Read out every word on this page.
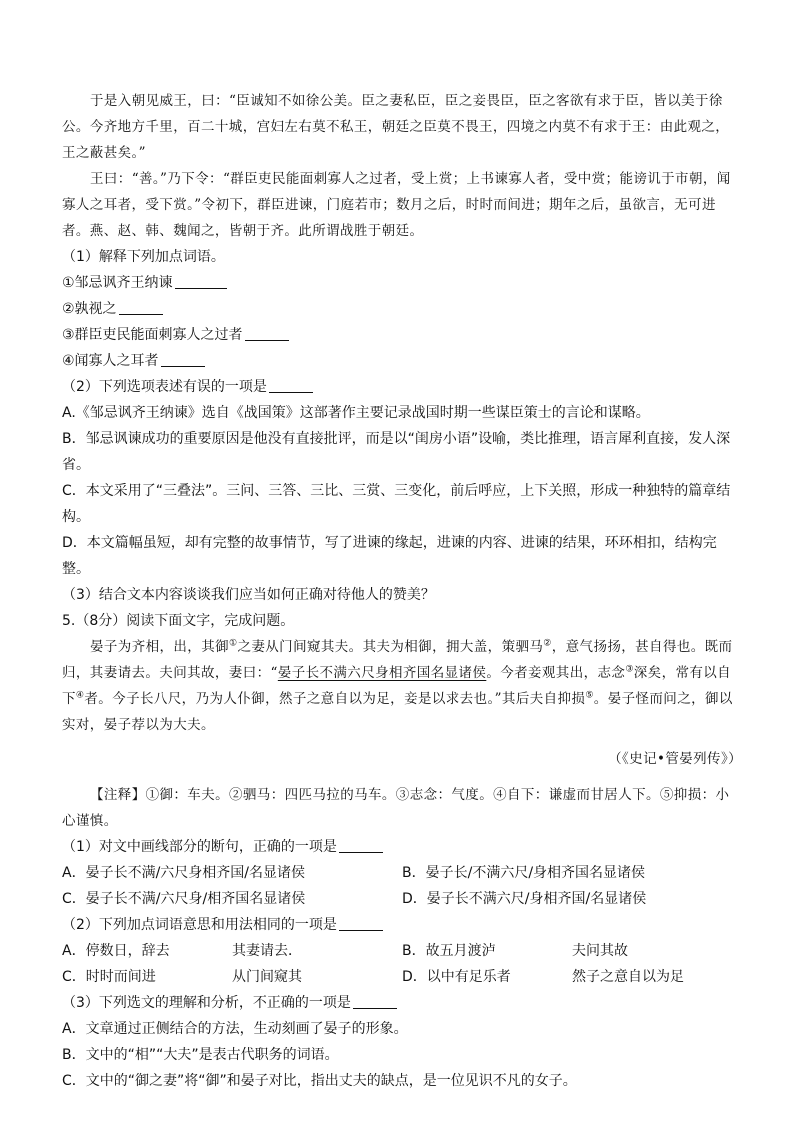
于是入朝见威王，曰：“臣诚知不如徐公美。臣之妻私臣，臣之妾畏臣，臣之客欲有求于臣，皆以美于徐公。今齐地方千里，百二十城，宫妇左右莫不私王，朝廷之臣莫不畏王，四境之内莫不有求于王：由此观之，王之蔽甚矣。”

王曰：“善。”乃下令：“群臣吏民能面刺寡人之过者，受上赏；上书谏寡人者，受中赏；能谤讥于市朝，闻寡人之耳者，受下赏。”令初下，群臣进谏，门庭若市；数月之后，时时而间进；期年之后，虽欲言，无可进者。燕、赵、韩、魏闻之，皆朝于齐。此所谓战胜于朝廷。

（1）解释下列加点词语。

①邹忌讽齐王纳谏

②孰视之

③群臣吏民能面刺寡人之过者

④闻寡人之耳者

（2）下列选项表述有误的一项是

A.《邹忌讽齐王纳谏》选自《战国策》这部著作主要记录战国时期一些谋臣策士的言论和谋略。

B．邹忌讽谏成功的重要原因是他没有直接批评，而是以“闺房小语”设喻，类比推理，语言犀利直接，发人深省。

C．本文采用了“三叠法”。三问、三答、三比、三赏、三变化，前后呼应，上下关照，形成一种独特的篇章结构。

D．本文篇幅虽短，却有完整的故事情节，写了进谏的缘起，进谏的内容、进谏的结果，环环相扣，结构完整。

（3）结合文本内容谈谈我们应当如何正确对待他人的赞美？

5.（8分）阅读下面文字，完成问题。

晏子为齐相，出，其御①之妻从门间窥其夫。其夫为相御，拥大盖，策驷马②，意气扬扬，甚自得也。既而归，其妻请去。夫问其故，妻曰：“晏子长不满六尺身相齐国名显诸侯。今者妾观其出，志念③深矣，常有以自下④者。今子长八尺，乃为人仆御，然子之意自以为足，妾是以求去也。”其后夫自抑损⑤。晏子怪而问之，御以实对，晏子荐以为大夫。

（《史记•管晏列传》）

【注释】①御：车夫。②驷马：四匹马拉的马车。③志念：气度。④自下：谦虚而甘居人下。⑤抑损：小心谨慎。

（1）对文中画线部分的断句，正确的一项是

A．晏子长不满/六尺身相齐国/名显诸侯	B．晏子长/不满六尺/身相齐国名显诸侯
C．晏子长不满/六尺身/相齐国名显诸侯	D．晏子长不满六尺/身相齐国/名显诸侯

（2）下列加点词语意思和用法相同的一项是

A．停数日，辞去	其妻请去．	B．故五月渡泸	夫问其故
C．时时而间进	从门间窥其	D．以中有足乐者	然子之意自以为足

（3）下列选文的理解和分析，不正确的一项是

A．文章通过正侧结合的方法，生动刻画了晏子的形象。

B．文中的“相”“大夫”是表古代职务的词语。

C．文中的“御之妻”将“御”和晏子对比，指出丈夫的缺点，是一位见识不凡的女子。
